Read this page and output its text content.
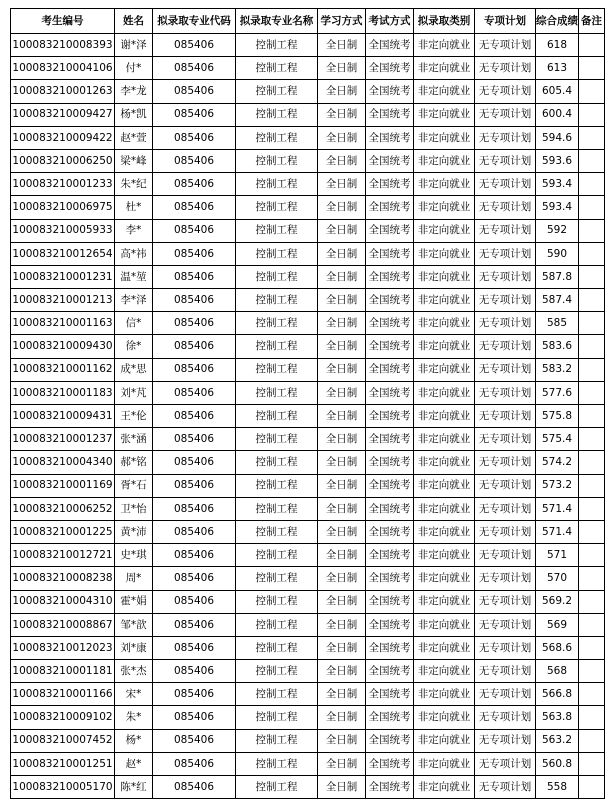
考生编号	姓名	拟录取专业代码	拟录取专业名称	学习方式	考试方式	拟录取类别	专项计划	综合成绩	备注
100083210008393	谢*泽	085406	控制工程	全日制	全国统考	非定向就业	无专项计划	618	
100083210004106	付*	085406	控制工程	全日制	全国统考	非定向就业	无专项计划	613	
100083210001263	李*龙	085406	控制工程	全日制	全国统考	非定向就业	无专项计划	605.4	
100083210009427	杨*凯	085406	控制工程	全日制	全国统考	非定向就业	无专项计划	600.4	
100083210009422	赵*萱	085406	控制工程	全日制	全国统考	非定向就业	无专项计划	594.6	
100083210006250	梁*峰	085406	控制工程	全日制	全国统考	非定向就业	无专项计划	593.6	
100083210001233	朱*纪	085406	控制工程	全日制	全国统考	非定向就业	无专项计划	593.4	
100083210006975	杜*	085406	控制工程	全日制	全国统考	非定向就业	无专项计划	593.4	
100083210005933	李*	085406	控制工程	全日制	全国统考	非定向就业	无专项计划	592	
100083210012654	高*祎	085406	控制工程	全日制	全国统考	非定向就业	无专项计划	590	
100083210001231	温*堃	085406	控制工程	全日制	全国统考	非定向就业	无专项计划	587.8	
100083210001213	李*泽	085406	控制工程	全日制	全国统考	非定向就业	无专项计划	587.4	
100083210001163	信*	085406	控制工程	全日制	全国统考	非定向就业	无专项计划	585	
100083210009430	徐*	085406	控制工程	全日制	全国统考	非定向就业	无专项计划	583.6	
100083210001162	成*思	085406	控制工程	全日制	全国统考	非定向就业	无专项计划	583.2	
100083210001183	刘*芃	085406	控制工程	全日制	全国统考	非定向就业	无专项计划	577.6	
100083210009431	王*伦	085406	控制工程	全日制	全国统考	非定向就业	无专项计划	575.8	
100083210001237	张*涵	085406	控制工程	全日制	全国统考	非定向就业	无专项计划	575.4	
100083210004340	郝*铭	085406	控制工程	全日制	全国统考	非定向就业	无专项计划	574.2	
100083210001169	胥*石	085406	控制工程	全日制	全国统考	非定向就业	无专项计划	573.2	
100083210006252	卫*怡	085406	控制工程	全日制	全国统考	非定向就业	无专项计划	571.4	
100083210001225	黄*沛	085406	控制工程	全日制	全国统考	非定向就业	无专项计划	571.4	
100083210012721	史*琪	085406	控制工程	全日制	全国统考	非定向就业	无专项计划	571	
100083210008238	周*	085406	控制工程	全日制	全国统考	非定向就业	无专项计划	570	
100083210004310	霍*娟	085406	控制工程	全日制	全国统考	非定向就业	无专项计划	569.2	
100083210008867	邹*歆	085406	控制工程	全日制	全国统考	非定向就业	无专项计划	569	
100083210012023	刘*康	085406	控制工程	全日制	全国统考	非定向就业	无专项计划	568.6	
100083210001181	张*杰	085406	控制工程	全日制	全国统考	非定向就业	无专项计划	568	
100083210001166	宋*	085406	控制工程	全日制	全国统考	非定向就业	无专项计划	566.8	
100083210009102	朱*	085406	控制工程	全日制	全国统考	非定向就业	无专项计划	563.8	
100083210007452	杨*	085406	控制工程	全日制	全国统考	非定向就业	无专项计划	563.2	
100083210001251	赵*	085406	控制工程	全日制	全国统考	非定向就业	无专项计划	560.8	
100083210005170	陈*红	085406	控制工程	全日制	全国统考	非定向就业	无专项计划	558	
